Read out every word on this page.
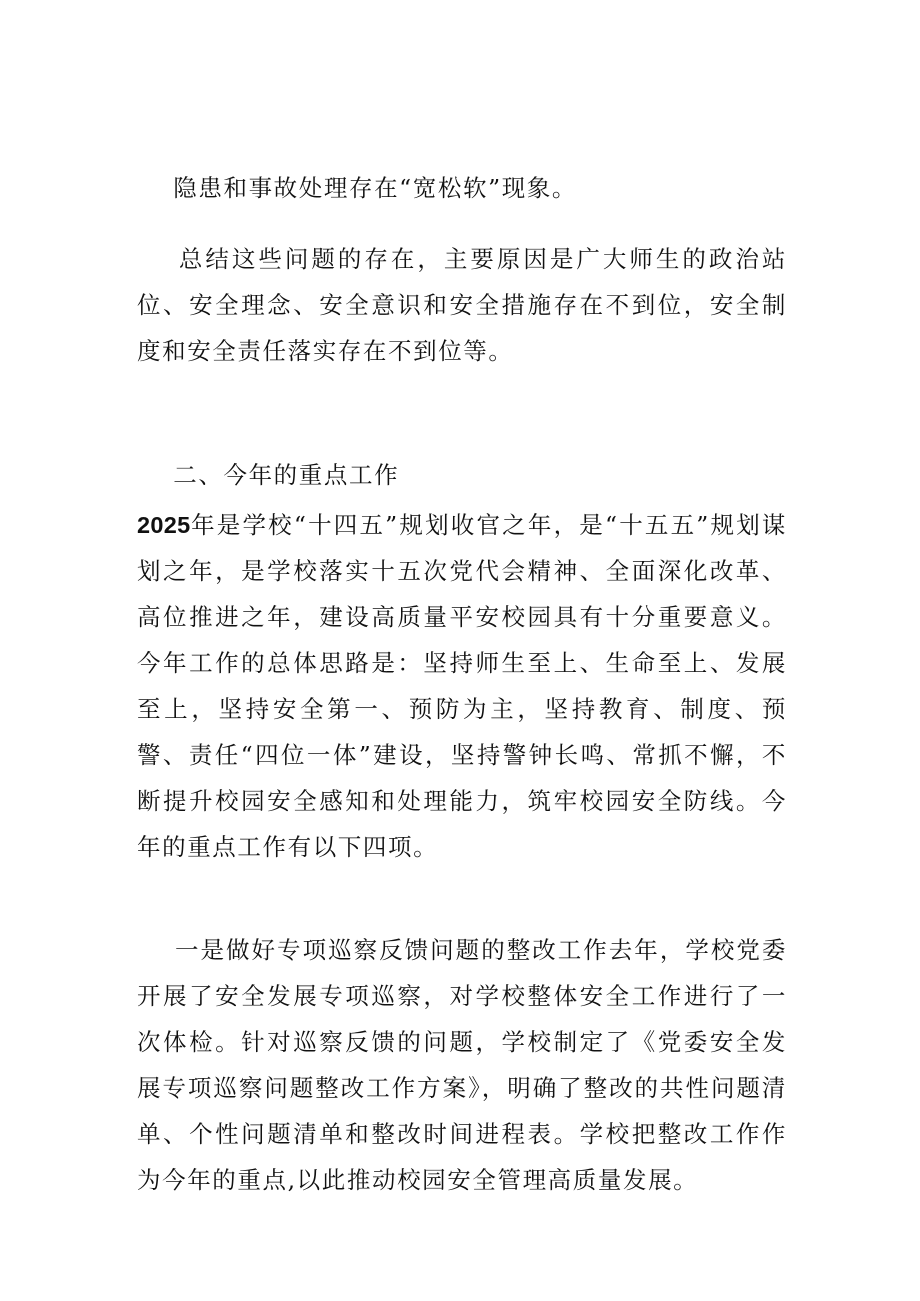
隐患和事故处理存在“宽松软”现象。

总结这些问题的存在，主要原因是广大师生的政治站位、安全理念、安全意识和安全措施存在不到位，安全制度和安全责任落实存在不到位等。

二、今年的重点工作

2025年是学校“十四五”规划收官之年，是“十五五”规划谋划之年，是学校落实十五次党代会精神、全面深化改革、高位推进之年，建设高质量平安校园具有十分重要意义。今年工作的总体思路是：坚持师生至上、生命至上、发展至上，坚持安全第一、预防为主，坚持教育、制度、预警、责任“四位一体”建设，坚持警钟长鸣、常抓不懈，不断提升校园安全感知和处理能力，筑牢校园安全防线。今年的重点工作有以下四项。

一是做好专项巡察反馈问题的整改工作去年，学校党委开展了安全发展专项巡察，对学校整体安全工作进行了一次体检。针对巡察反馈的问题，学校制定了《党委安全发展专项巡察问题整改工作方案》，明确了整改的共性问题清单、个性问题清单和整改时间进程表。学校把整改工作作为今年的重点,以此推动校园安全管理高质量发展。
